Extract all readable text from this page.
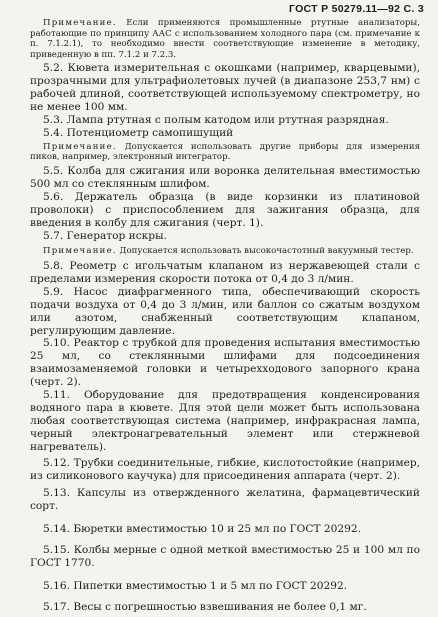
ГОСТ Р 50279.11—92 С. 3

Примечание. Если применяются промышленные ртутные анализаторы, работающие по принципу ААС с использованием холодного пара (см. примечание к п. 7.1.2.1), то необходимо внести соответствующие изменение в методику, приведенную в пп. 7.1.2 и 7.2.3.

5.2. Кювета измерительная с окошками (например, кварцевыми), прозрачными для ультрафиолетовых лучей (в диапазоне 253,7 нм) с рабочей длиной, соответствующей используемому спектрометру, но не менее 100 мм.

5.3. Лампа ртутная с полым катодом или ртутная разрядная.

5.4. Потенциометр самопишущий

Примечание. Допускается использовать другие приборы для измерения пиков, например, электронный интегратор.

5.5. Колба для сжигания или воронка делительная вместимостью 500 мл со стеклянным шлифом.

5.6. Держатель образца (в виде корзинки из платиновой проволоки) с приспособлением для зажигания образца, для введения в колбу для сжигания (черт. 1).

5.7. Генератор искры.

Примечание. Допускается использовать высокочастотный вакуумный тестер.

5.8. Реометр с игольчатым клапаном из нержавеющей стали с пределами измерения скорости потока от 0,4 до 3 л/мин.

5.9. Насос диафрагменного типа, обеспечивающий скорость подачи воздуха от 0,4 до 3 л/мин, или баллон со сжатым воздухом или азотом, снабженный соответствующим клапаном, регулирующим давление.

5.10. Реактор с трубкой для проведения испытания вместимостью 25 мл, со стеклянными шлифами для подсоединения взаимозаменяемой головки и четырехходового запорного крана (черт. 2).

5.11. Оборудование для предотвращения конденсирования водяного пара в кювете. Для этой цели может быть использована любая соответствующая система (например, инфракрасная лампа, черный электронагревательный элемент или стержневой нагреватель).

5.12. Трубки соединительные, гибкие, кислотостойкие (например, из силиконового каучука) для присоединения аппарата (черт. 2).

5.13. Капсулы из отвержденного желатина, фармацевтический сорт.

5.14. Бюретки вместимостью 10 и 25 мл по ГОСТ 20292.

5.15. Колбы мерные с одной меткой вместимостью 25 и 100 мл по ГОСТ 1770.

5.16. Пипетки вместимостью 1 и 5 мл по ГОСТ 20292.

5.17. Весы с погрешностью взвешивания не более 0,1 мг.
